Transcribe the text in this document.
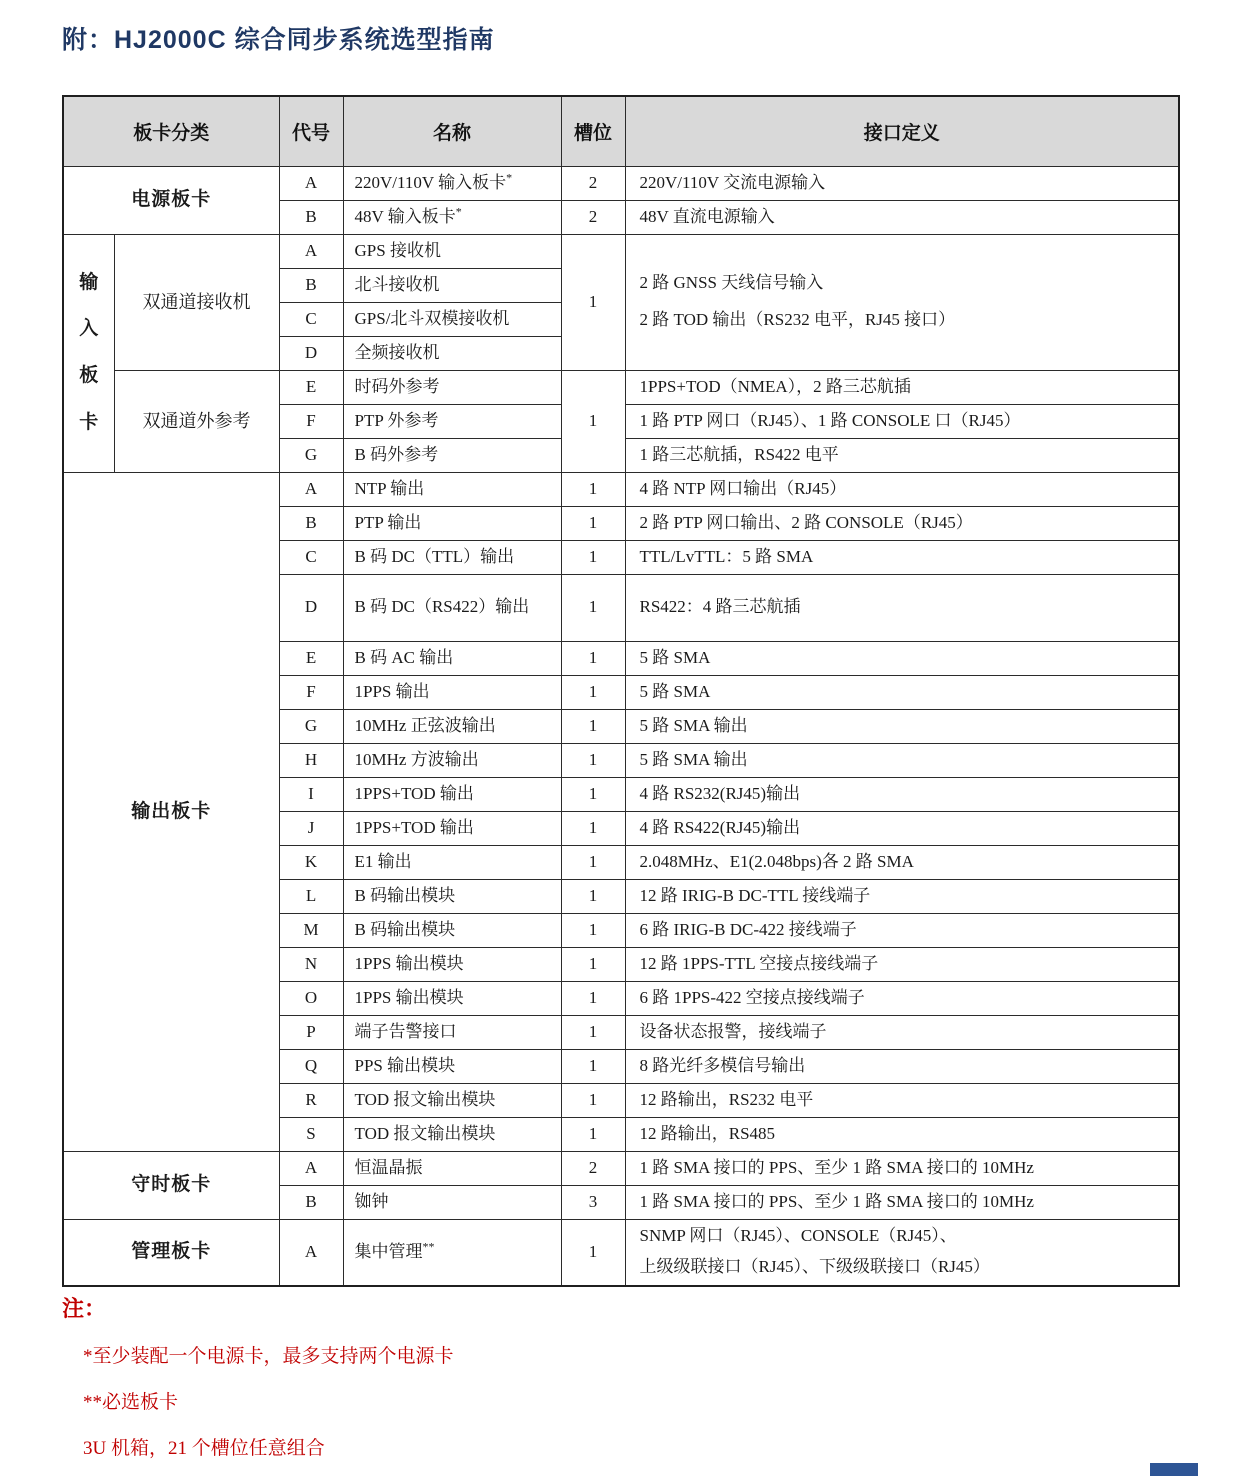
附：HJ2000C 综合同步系统选型指南
板卡分类		代号	名称	槽位	接口定义
电源板卡		A	220V/110V 输入板卡*	2	220V/110V 交流电源输入
		B	48V 输入板卡*	2	48V 直流电源输入
输入板卡	双通道接收机	A	GPS 接收机	1	2 路 GNSS 天线信号输入
2 路 TOD 输出（RS232 电平，RJ45 接口）

		B	北斗接收机		
		C	GPS/北斗双模接收机		
		D	全频接收机		
	双通道外参考	E	时码外参考	1	1PPS+TOD（NMEA），2 路三芯航插
		F	PTP 外参考		1 路 PTP 网口（RJ45）、1 路 CONSOLE 口（RJ45）
		G	B 码外参考		1 路三芯航插，RS422 电平
输出板卡		A	NTP 输出	1	4 路 NTP 网口输出（RJ45）
		B	PTP 输出	1	2 路 PTP 网口输出、2 路 CONSOLE（RJ45）
		C	B 码 DC（TTL）输出	1	TTL/LvTTL：5 路 SMA
		D	B 码 DC（RS422）输出	1	RS422：4 路三芯航插
		E	B 码 AC 输出	1	5 路 SMA
		F	1PPS 输出	1	5 路 SMA
		G	10MHz 正弦波输出	1	5 路 SMA 输出
		H	10MHz 方波输出	1	5 路 SMA 输出
		I	1PPS+TOD 输出	1	4 路 RS232(RJ45)输出
		J	1PPS+TOD 输出	1	4 路 RS422(RJ45)输出
		K	E1 输出	1	2.048MHz、E1(2.048bps)各 2 路 SMA
		L	B 码输出模块	1	12 路 IRIG-B DC-TTL 接线端子
		M	B 码输出模块	1	6 路 IRIG-B DC-422 接线端子
		N	1PPS 输出模块	1	12 路 1PPS-TTL 空接点接线端子
		O	1PPS 输出模块	1	6 路 1PPS-422 空接点接线端子
		P	端子告警接口	1	设备状态报警，接线端子
		Q	PPS 输出模块	1	8 路光纤多模信号输出
		R	TOD 报文输出模块	1	12 路输出，RS232 电平
		S	TOD 报文输出模块	1	12 路输出，RS485
守时板卡		A	恒温晶振	2	1 路 SMA 接口的 PPS、至少 1 路 SMA 接口的 10MHz
		B	铷钟	3	1 路 SMA 接口的 PPS、至少 1 路 SMA 接口的 10MHz
管理板卡		A	集中管理**	1	SNMP 网口（RJ45）、CONSOLE（RJ45）、
上级级联接口（RJ45）、下级级联接口（RJ45）
注：
*至少装配一个电源卡，最多支持两个电源卡
**必选板卡
3U 机箱，21 个槽位任意组合
